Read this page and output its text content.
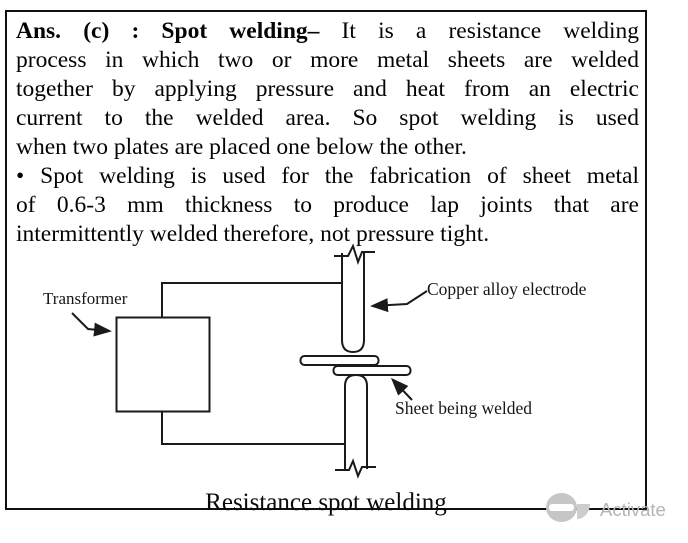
Ans. (c) : Spot welding– It is a resistance welding
process in which two or more metal sheets are welded
together by applying pressure and heat from an electric
current to the welded area. So spot welding is used
when two plates are placed one below the other.
• Spot welding is used for the fabrication of sheet metal
of 0.6-3 mm thickness to produce lap joints that are
intermittently welded therefore, not pressure tight.
Resistance spot welding
Transformer	Copper alloy electrode
Sheet being welded
Activate
